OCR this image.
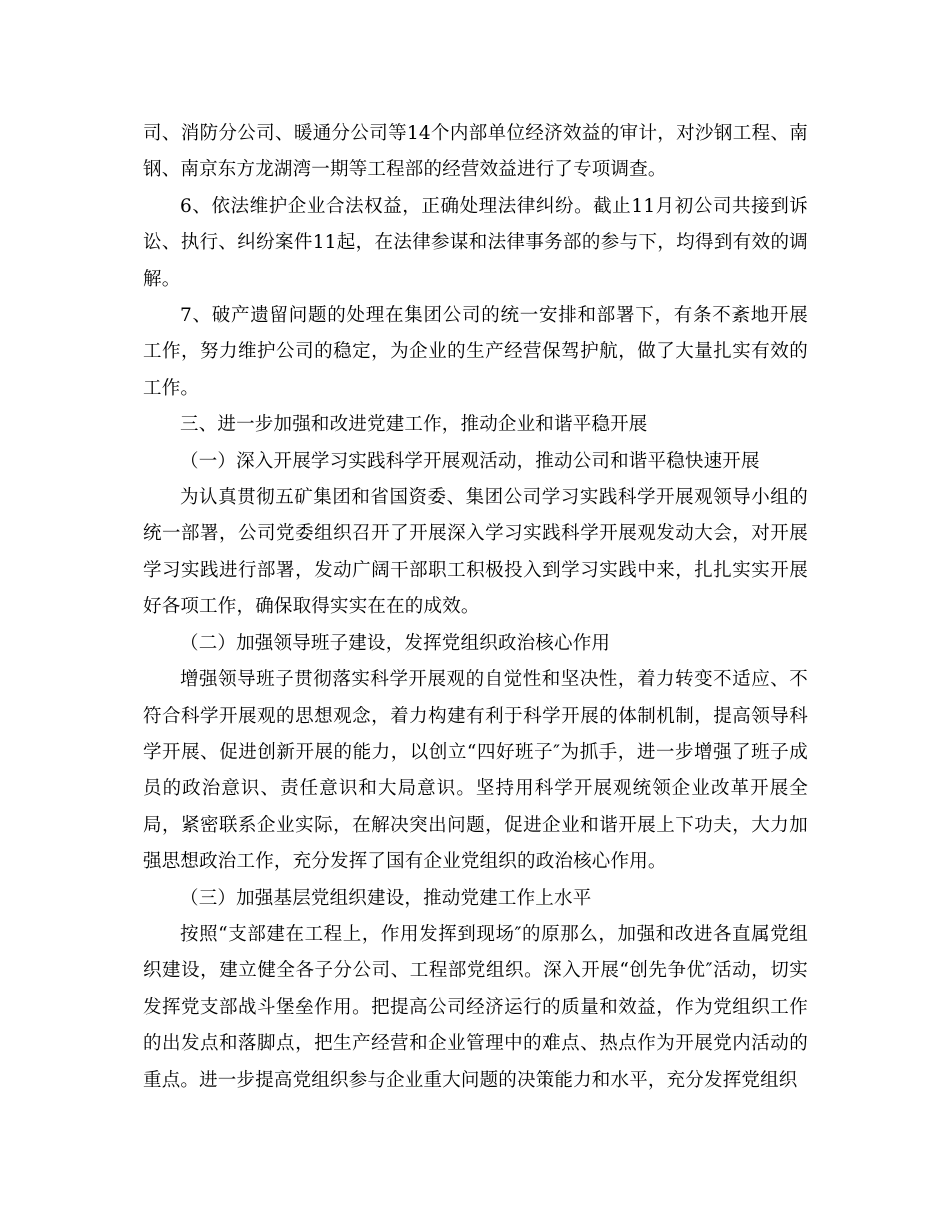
司、消防分公司、暖通分公司等14个内部单位经济效益的审计，对沙钢工程、南钢、南京东方龙湖湾一期等工程部的经营效益进行了专项调查。

6、依法维护企业合法权益，正确处理法律纠纷。截止11月初公司共接到诉讼、执行、纠纷案件11起，在法律参谋和法律事务部的参与下，均得到有效的调解。

7、破产遗留问题的处理在集团公司的统一安排和部署下，有条不紊地开展工作，努力维护公司的稳定，为企业的生产经营保驾护航，做了大量扎实有效的工作。

三、进一步加强和改进党建工作，推动企业和谐平稳开展

（一）深入开展学习实践科学开展观活动，推动公司和谐平稳快速开展

为认真贯彻五矿集团和省国资委、集团公司学习实践科学开展观领导小组的统一部署，公司党委组织召开了开展深入学习实践科学开展观发动大会，对开展学习实践进行部署，发动广阔干部职工积极投入到学习实践中来，扎扎实实开展好各项工作，确保取得实实在在的成效。

（二）加强领导班子建设，发挥党组织政治核心作用

增强领导班子贯彻落实科学开展观的自觉性和坚决性，着力转变不适应、不符合科学开展观的思想观念，着力构建有利于科学开展的体制机制，提高领导科学开展、促进创新开展的能力，以创立“四好班子″为抓手，进一步增强了班子成员的政治意识、责任意识和大局意识。坚持用科学开展观统领企业改革开展全局，紧密联系企业实际，在解决突出问题，促进企业和谐开展上下功夫，大力加强思想政治工作，充分发挥了国有企业党组织的政治核心作用。

（三）加强基层党组织建设，推动党建工作上水平

按照“支部建在工程上，作用发挥到现场″的原那么，加强和改进各直属党组织建设，建立健全各子分公司、工程部党组织。深入开展“创先争优″活动，切实发挥党支部战斗堡垒作用。把提高公司经济运行的质量和效益，作为党组织工作的出发点和落脚点，把生产经营和企业管理中的难点、热点作为开展党内活动的重点。进一步提高党组织参与企业重大问题的决策能力和水平，充分发挥党组织
